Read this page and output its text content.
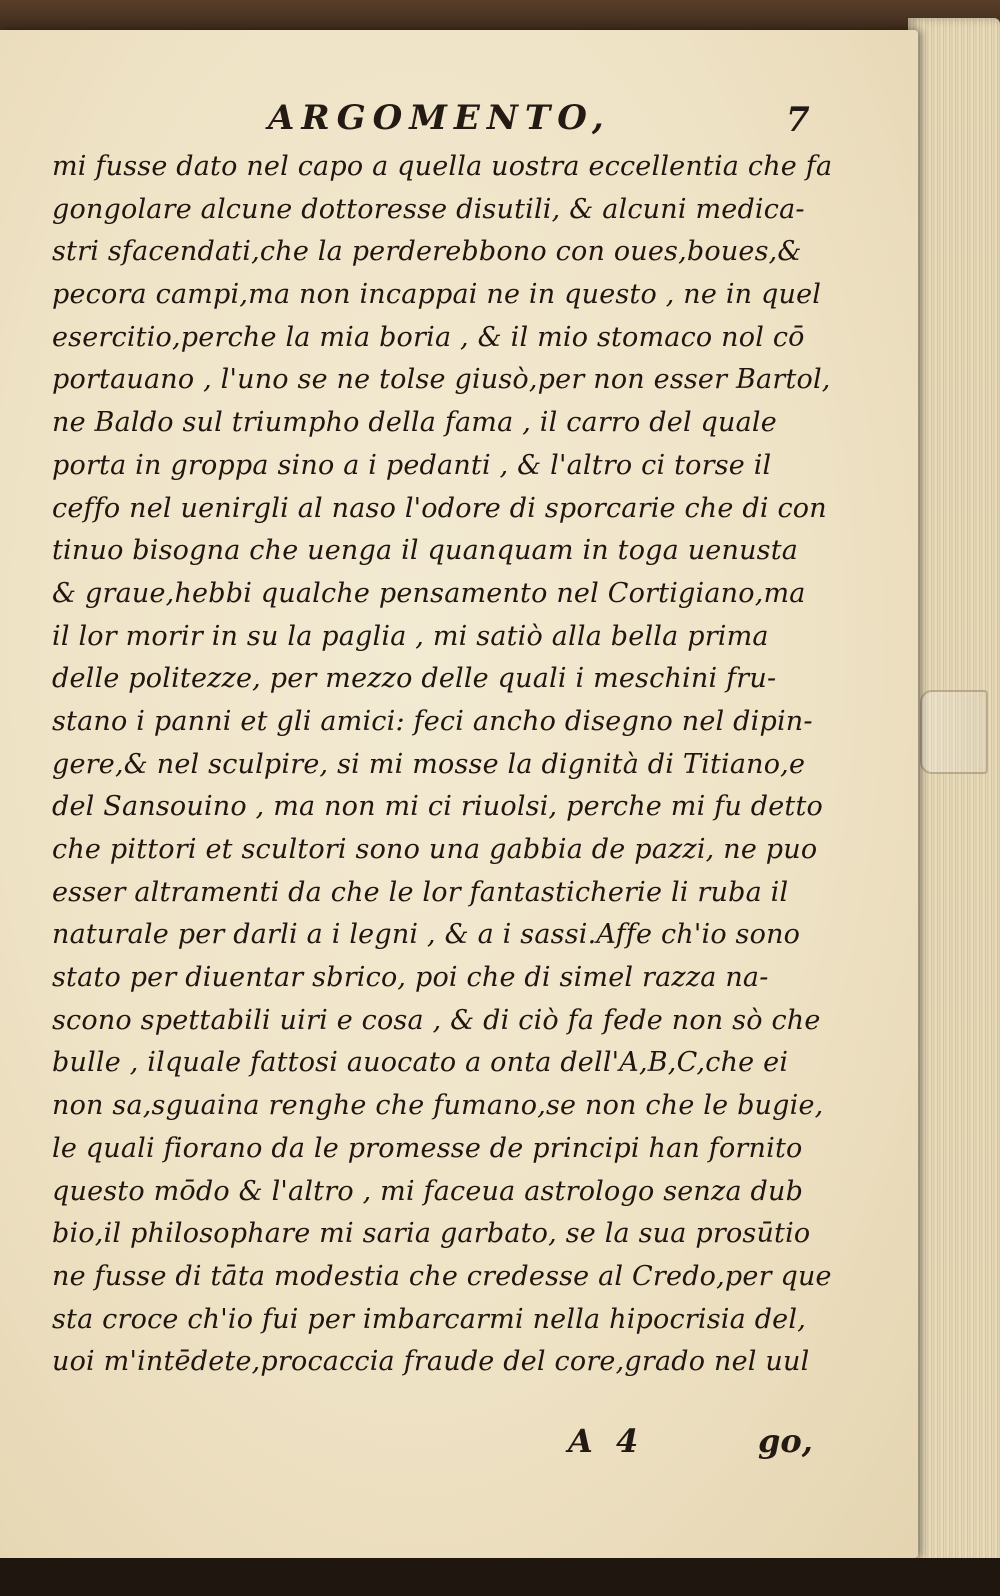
ARGOMENTO,	7
mi fusse dato nel capo a quella uostra eccellentia che fa
gongolare alcune dottoresse disutili, & alcuni medica-
stri sfacendati,che la perderebbono con oues,boues,&
pecora campi,ma non incappai ne in questo , ne in quel
esercitio,perche la mia boria , & il mio stomaco nol cō
portauano , l'uno se ne tolse giusò,per non esser Bartol,
ne Baldo sul triumpho della fama , il carro del quale
porta in groppa sino a i pedanti , & l'altro ci torse il
ceffo nel uenirgli al naso l'odore di sporcarie che di con
tinuo bisogna che uenga il quanquam in toga uenusta
& graue,hebbi qualche pensamento nel Cortigiano,ma
il lor morir in su la paglia , mi satiò alla bella prima
delle politezze, per mezzo delle quali i meschini fru-
stano i panni et gli amici: feci ancho disegno nel dipin-
gere,& nel sculpire, si mi mosse la dignità di Titiano,e
del Sansouino , ma non mi ci riuolsi, perche mi fu detto
che pittori et scultori sono una gabbia de pazzi, ne puo
esser altramenti da che le lor fantasticherie li ruba il
naturale per darli a i legni , & a i sassi.Affe ch'io sono
stato per diuentar sbrico, poi che di simel razza na-
scono spettabili uiri e cosa , & di ciò fa fede non sò che
bulle , ilquale fattosi auocato a onta dell'A,B,C,che ei
non sa,sguaina renghe che fumano,se non che le bugie,
le quali fiorano da le promesse de principi han fornito
questo mōdo & l'altro , mi faceua astrologo senza dub
bio,il philosophare mi saria garbato, se la sua prosūtio
ne fusse di tāta modestia che credesse al Credo,per que
sta croce ch'io fui per imbarcarmi nella hipocrisia del,
uoi m'intēdete,procaccia fraude del core,grado nel uul
A 4	go,
